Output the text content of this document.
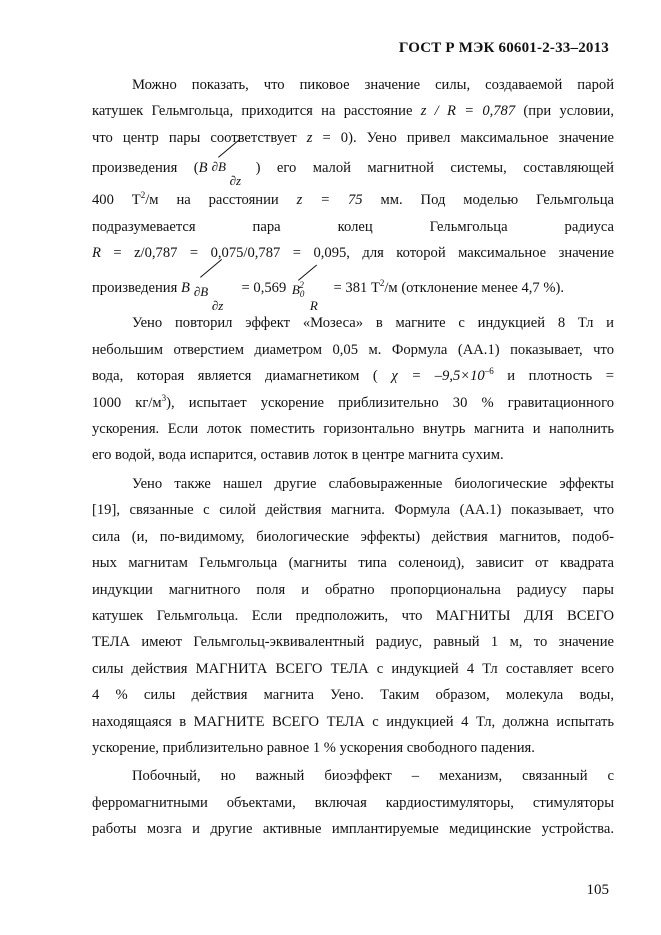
ГОСТ Р МЭК 60601-2-33–2013
Можно показать, что пиковое значение силы, создаваемой парой
катушек Гельмгольца, приходится на расстояние z / R = 0,787 (при условии,
что центр пары соответствует z = 0). Уено привел максимальное значение
произведения (B ∂B
∂z
) его малой магнитной системы, составляющей
400 $Т^2/м$ на расстоянии z = 75 мм. Под моделью Гельмгольца
подразумевается пара колец Гельмгольца радиуса
R = z/0,787 = 0,075/0,787 = 0,095, для которой максимальное значение
произведения B ∂B
∂z
= 0,569 $B_0^2$
R
= 381 $Т^2/м$ (отклонение менее 4,7 %).
Уено повторил эффект «Мозеса» в магните с индукцией 8 Тл и
небольшим отверстием диаметром 0,05 м. Формула (АА.1) показывает, что
вода, которая является диамагнетиком ( $\chi = -9,5\times 10^{-6}$ и плотность =
1000 $кг/м^3$), испытает ускорение приблизительно 30 % гравитационного
ускорения. Если лоток поместить горизонтально внутрь магнита и наполнить
его водой, вода испарится, оставив лоток в центре магнита сухим.
Уено также нашел другие слабовыраженные биологические эффекты
[19], связанные с силой действия магнита. Формула (АА.1) показывает, что
сила (и, по-видимому, биологические эффекты) действия магнитов, подоб-
ных магнитам Гельмгольца (магниты типа соленоид), зависит от квадрата
индукции магнитного поля и обратно пропорциональна радиусу пары
катушек Гельмгольца. Если предположить, что МАГНИТЫ ДЛЯ ВСЕГО
ТЕЛА имеют Гельмгольц-эквивалентный радиус, равный 1 м, то значение
силы действия МАГНИТА ВСЕГО ТЕЛА с индукцией 4 Тл составляет всего
4 % силы действия магнита Уено. Таким образом, молекула воды,
находящаяся в МАГНИТЕ ВСЕГО ТЕЛА с индукцией 4 Тл, должна испытать
ускорение, приблизительно равное 1 % ускорения свободного падения.
Побочный, но важный биоэффект – механизм, связанный с
ферромагнитными объектами, включая кардиостимуляторы, стимуляторы
работы мозга и другие активные имплантируемые медицинские устройства.
105
